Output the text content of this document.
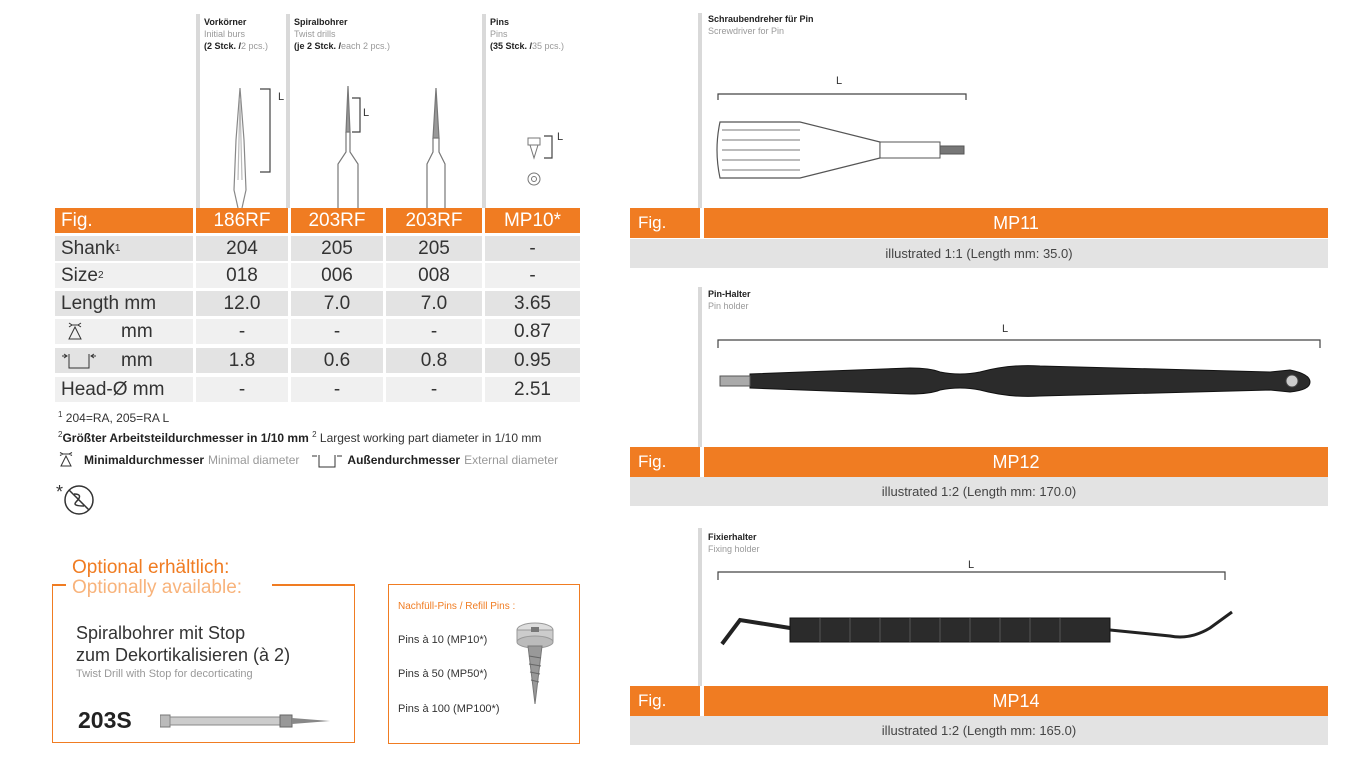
Vorkörner
Initial burs
(2 Stck. /2 pcs.)
Spiralbohrer
Twist drills
(je 2 Stck. /each 2 pcs.)
Pins
Pins
(35 Stck. /35 pcs.)
L
L
L
Fig.	186RF	203RF	203RF	MP10*
Shank 1	204	205	205	-
Size 2	018	006	008	-
Length mm	12.0	7.0	7.0	3.65
mm	-	-	-	0.87
mm	1.8	0.6	0.8	0.95
Head-Ø mm	-	-	-	2.51
$^1$ 204=RA, 205=RA L
$^2$Größter Arbeitsteildurchmesser in 1/10 mm $^2$ Largest working part diameter in 1/10 mm
Minimaldurchmesser Minimal diameter	Außendurchmesser External diameter
*
Optional erhältlich:
Optionally available:
Spiralbohrer mit Stop
zum Dekortikalisieren (à 2)
Twist Drill with Stop for decorticating
203S
Nachfüll-Pins / Refill Pins :
Pins à 10 (MP10*)
Pins à 50 (MP50*)
Pins à 100 (MP100*)
Schraubendreher für Pin
Screwdriver for Pin
L
Fig.	MP11
illustrated 1:1 (Length mm: 35.0)
Pin-Halter
Pin holder
L
Fig.	MP12
illustrated 1:2 (Length mm: 170.0)
Fixierhalter
Fixing holder
L
Fig.	MP14
illustrated 1:2 (Length mm: 165.0)
